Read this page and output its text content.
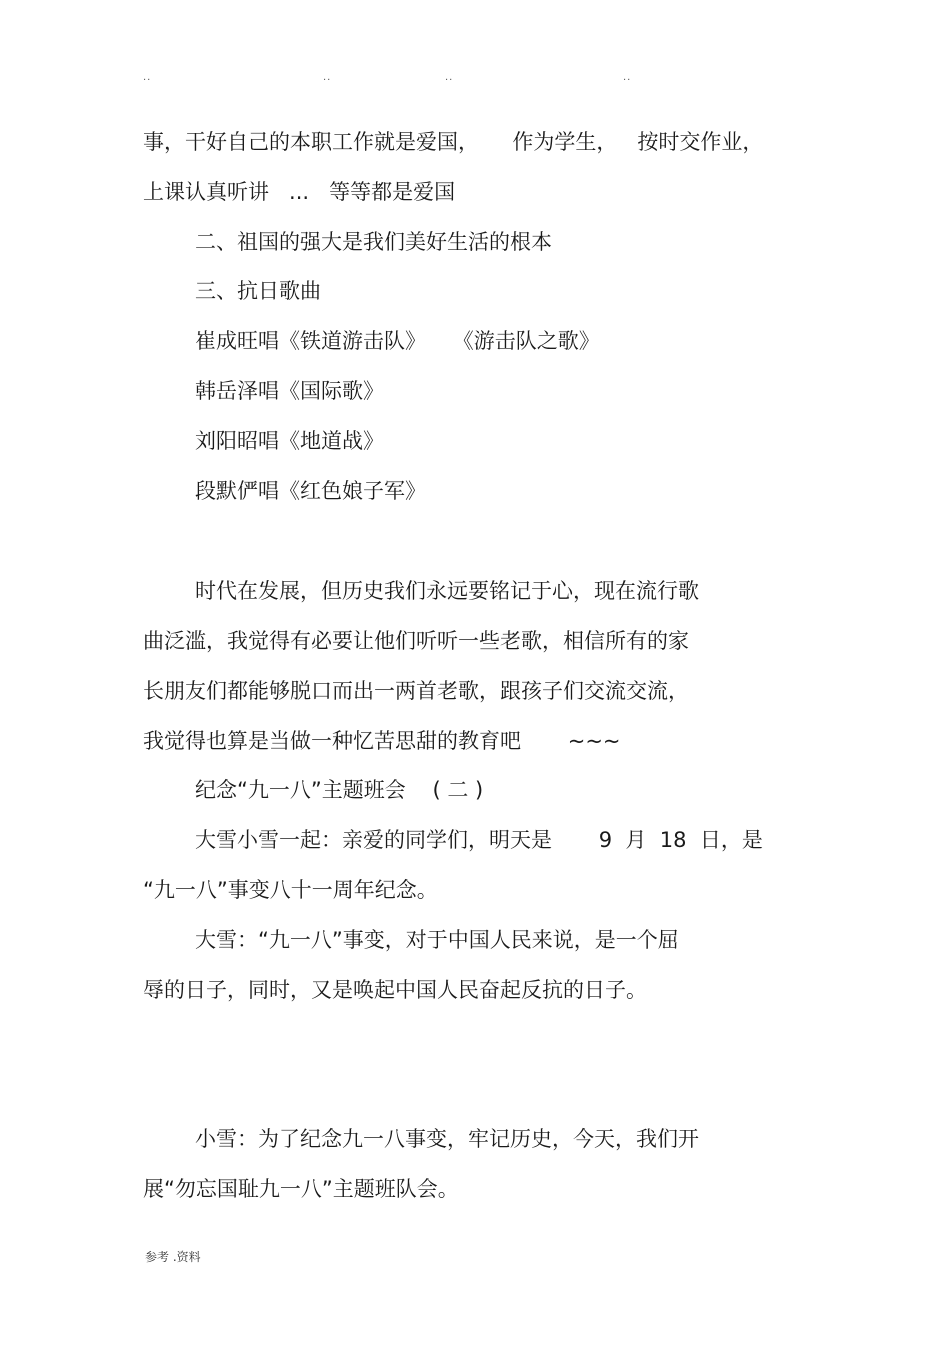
..	..	..	..
事，干好自己的本职工作就是爱国，     作为学生，   按时交作业，
上课认真听讲   ...   等等都是爱国
二、祖国的强大是我们美好生活的根本
三、抗日歌曲
崔成旺唱《铁道游击队》    《游击队之歌》
韩岳泽唱《国际歌》
刘阳昭唱《地道战》
段默俨唱《红色娘子军》
时代在发展，但历史我们永远要铭记于心，现在流行歌
曲泛滥，我觉得有必要让他们听听一些老歌，相信所有的家
长朋友们都能够脱口而出一两首老歌，跟孩子们交流交流，
我觉得也算是当做一种忆苦思甜的教育吧       ~~~
纪念“九一八”主题班会    ( 二 )
大雪小雪一起：亲爱的同学们，明天是       9  月  18  日，是
“九一八”事变八十一周年纪念。
大雪：“九一八”事变，对于中国人民来说，是一个屈
辱的日子，同时，又是唤起中国人民奋起反抗的日子。
小雪：为了纪念九一八事变，牢记历史，今天，我们开
展“勿忘国耻九一八”主题班队会。
参考 .资料
